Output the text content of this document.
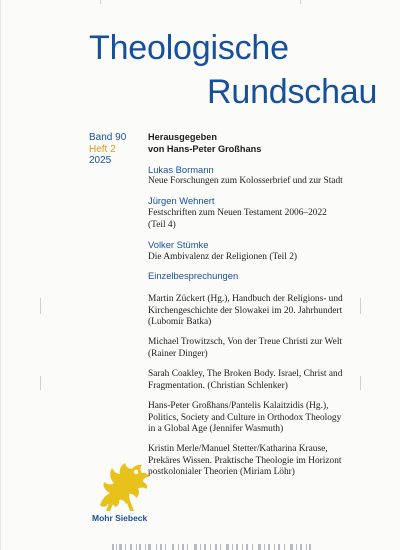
Theologische
Rundschau
Band 90
Heft 2
2025
Herausgegeben
von Hans-Peter Großhans
Lukas Bormann
Neue Forschungen zum Kolosserbrief und zur Stadt
Jürgen Wehnert
Festschriften zum Neuen Testament 2006–2022
(Teil 4)
Volker Stümke
Die Ambivalenz der Religionen (Teil 2)
Einzelbesprechungen
Martin Zückert (Hg.), Handbuch der Religions- und
Kirchengeschichte der Slowakei im 20. Jahrhundert
(Lubomír Batka)
Michael Trowitzsch, Von der Treue Christi zur Welt
(Rainer Dinger)
Sarah Coakley, The Broken Body. Israel, Christ and
Fragmentation. (Christian Schlenker)
Hans-Peter Großhans/Pantelis Kalaitzidis (Hg.),
Politics, Society and Culture in Orthodox Theology
in a Global Age (Jennifer Wasmuth)
Kristin Merle/Manuel Stetter/Katharina Krause,
Prekäres Wissen. Praktische Theologie im Horizont
postkolonialer Theorien (Miriam Löhr)
Mohr Siebeck
